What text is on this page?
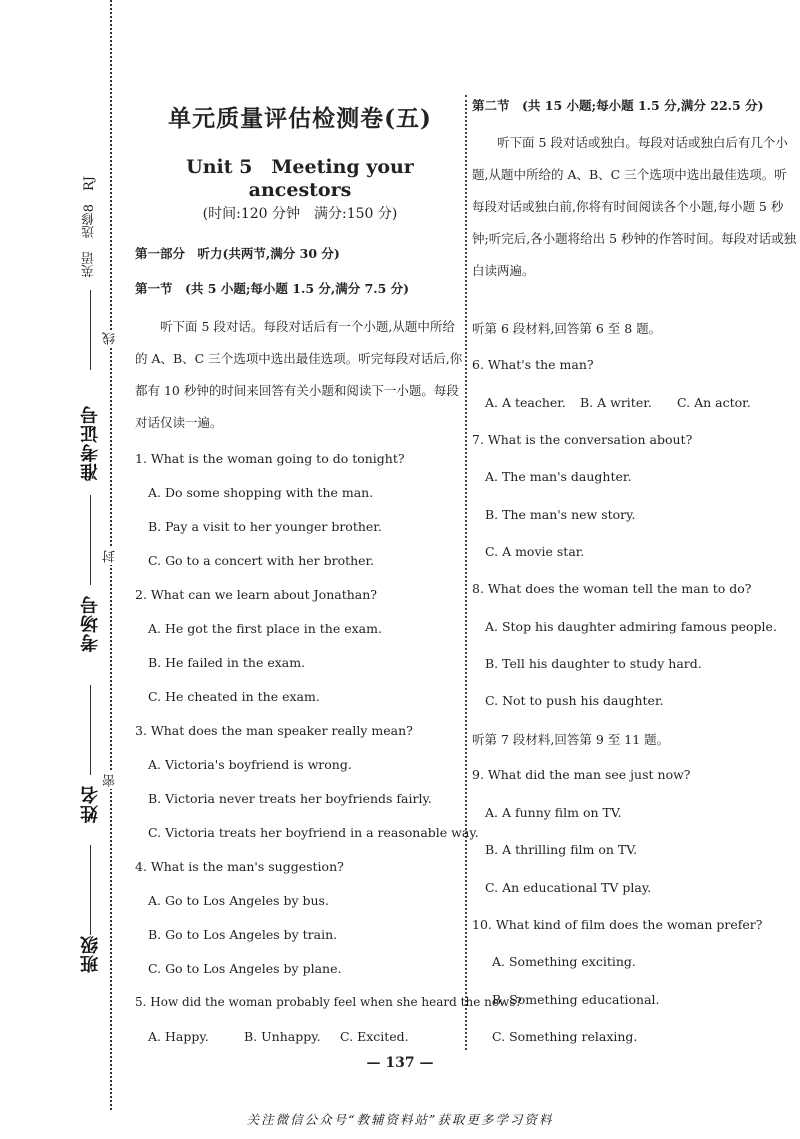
英语　选修8　RJ
准考证号
考场号
姓名
班级
线
封
密
单元质量评估检测卷(五)
Unit 5　Meeting your ancestors
(时间:120 分钟　满分:150 分)
第一部分　听力(共两节,满分 30 分)
第一节　(共 5 小题;每小题 1.5 分,满分 7.5 分)
听下面 5 段对话。每段对话后有一个小题,从题中所给的 A、B、C 三个选项中选出最佳选项。听完每段对话后,你都有 10 秒钟的时间来回答有关小题和阅读下一小题。每段对话仅读一遍。
1. What is the woman going to do tonight?
A. Do some shopping with the man.
B. Pay a visit to her younger brother.
C. Go to a concert with her brother.
2. What can we learn about Jonathan?
A. He got the first place in the exam.
B. He failed in the exam.
C. He cheated in the exam.
3. What does the man speaker really mean?
A. Victoria's boyfriend is wrong.
B. Victoria never treats her boyfriends fairly.
C. Victoria treats her boyfriend in a reasonable way.
4. What is the man's suggestion?
A. Go to Los Angeles by bus.
B. Go to Los Angeles by train.
C. Go to Los Angeles by plane.
5. How did the woman probably feel when she heard the news?
A. Happy.	B. Unhappy. C. Excited.
第二节　(共 15 小题;每小题 1.5 分,满分 22.5 分)
听下面 5 段对话或独白。每段对话或独白后有几个小题,从题中所给的 A、B、C 三个选项中选出最佳选项。听每段对话或独白前,你将有时间阅读各个小题,每小题 5 秒钟;听完后,各小题将给出 5 秒钟的作答时间。每段对话或独白读两遍。
听第 6 段材料,回答第 6 至 8 题。
6. What's the man?
A. A teacher. B. A writer. C. An actor.
7. What is the conversation about?
A. The man's daughter.
B. The man's new story.
C. A movie star.
8. What does the woman tell the man to do?
A. Stop his daughter admiring famous people.
B. Tell his daughter to study hard.
C. Not to push his daughter.
听第 7 段材料,回答第 9 至 11 题。
9. What did the man see just now?
A. A funny film on TV.
B. A thrilling film on TV.
C. An educational TV play.
10. What kind of film does the woman prefer?
A. Something exciting.
B. Something educational.
C. Something relaxing.
— 137 —
关注微信公众号“教辅资料站”获取更多学习资料
